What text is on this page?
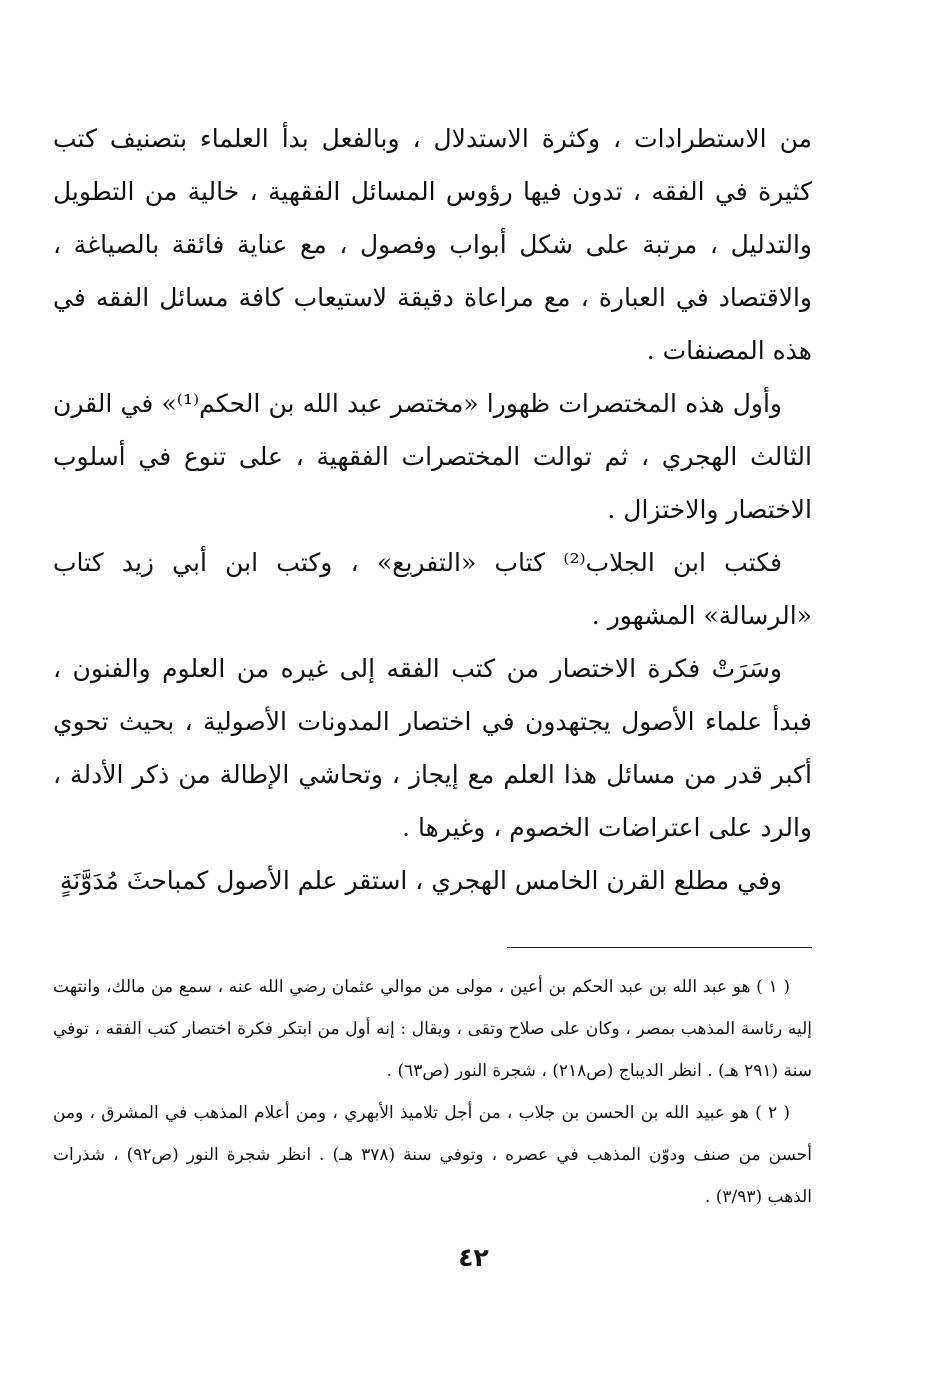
من الاستطرادات ، وكثرة الاستدلال ، وبالفعل بدأ العلماء بتصنيف كتب كثيرة في الفقه ، تدون فيها رؤوس المسائل الفقهية ، خالية من التطويل والتدليل ، مرتبة على شكل أبواب وفصول ، مع عناية فائقة بالصياغة ، والاقتصاد في العبارة ، مع مراعاة دقيقة لاستيعاب كافة مسائل الفقه في هذه المصنفات .

وأول هذه المختصرات ظهورا «مختصر عبد الله بن الحكم⁽¹⁾» في القرن الثالث الهجري ، ثم توالت المختصرات الفقهية ، على تنوع في أسلوب الاختصار والاختزال .

فكتب ابن الجلاب⁽²⁾ كتاب «التفريع» ، وكتب ابن أبي زيد كتاب «الرسالة» المشهور .

وسَرَتْ فكرة الاختصار من كتب الفقه إلى غيره من العلوم والفنون ، فبدأ علماء الأصول يجتهدون في اختصار المدونات الأصولية ، بحيث تحوي أكبر قدر من مسائل هذا العلم مع إيجاز ، وتحاشي الإطالة من ذكر الأدلة ، والرد على اعتراضات الخصوم ، وغيرها .

وفي مطلع القرن الخامس الهجري ، استقر علم الأصول كمباحثَ مُدَوَّنَةٍ

( ١ ) هو عبد الله بن عبد الحكم بن أعين ، مولى من موالي عثمان رضي الله عنه ، سمع من مالك، وانتهت إليه رئاسة المذهب بمصر ، وكان على صلاح وتقى ، ويقال : إنه أول من ابتكر فكرة اختصار كتب الفقه ، توفي سنة (٢٩١ هـ) . انظر الديباج (ص٢١٨) ، شجرة النور (ص٦٣) .

( ٢ ) هو عبيد الله بن الحسن بن جلاب ، من أجل تلاميذ الأبهري ، ومن أعلام المذهب في المشرق ، ومن أحسن من صنف ودوّن المذهب في عصره ، وتوفي سنة (٣٧٨ هـ) . انظر شجرة النور (ص٩٢) ، شذرات الذهب (٣/٩٣) .

٤٢
